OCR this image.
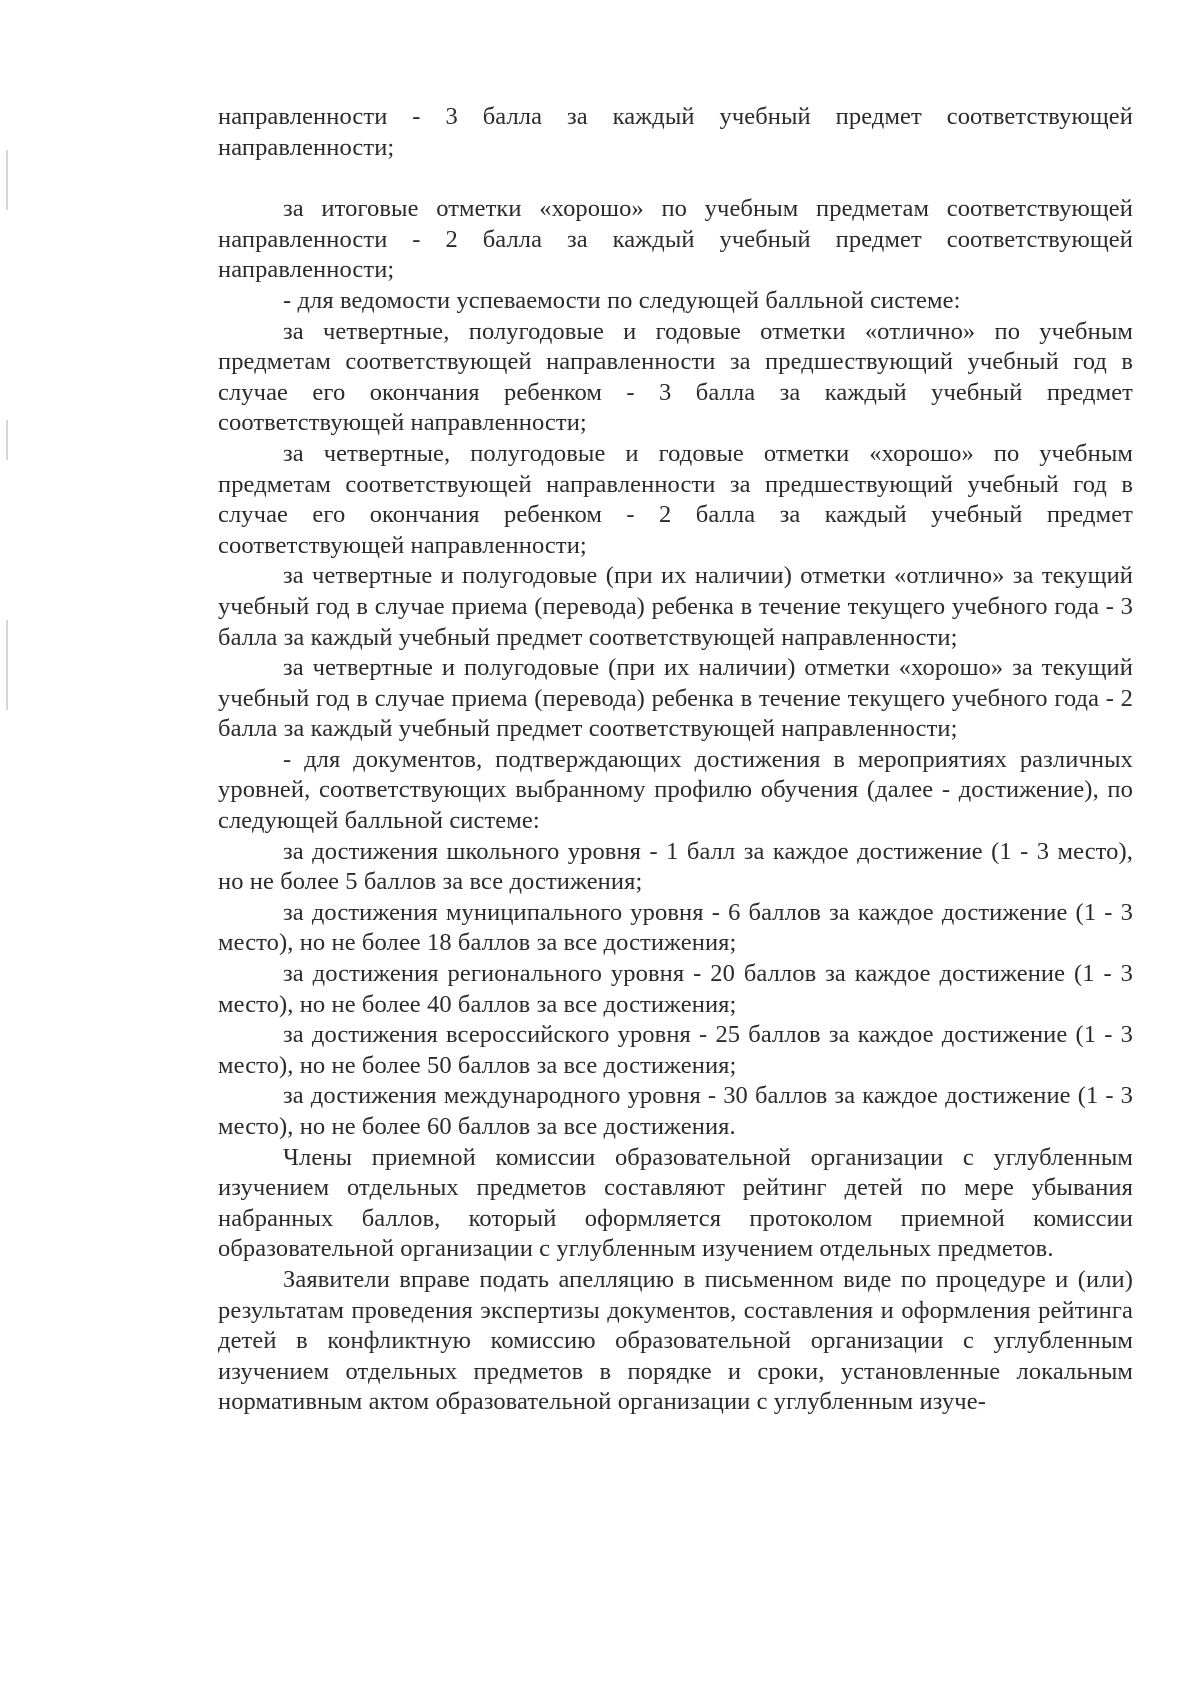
направленности - 3 балла за каждый учебный предмет соответствующей направленности;

за итоговые отметки «хорошо» по учебным предметам соответствующей направленности - 2 балла за каждый учебный предмет соответствующей направленности;

- для ведомости успеваемости по следующей балльной системе:

за четвертные, полугодовые и годовые отметки «отлично» по учебным предметам соответствующей направленности за предшествующий учебный год в случае его окончания ребенком - 3 балла за каждый учебный предмет соответствующей направленности;

за четвертные, полугодовые и годовые отметки «хорошо» по учебным предметам соответствующей направленности за предшествующий учебный год в случае его окончания ребенком - 2 балла за каждый учебный предмет соответствующей направленности;

за четвертные и полугодовые (при их наличии) отметки «отлично» за текущий учебный год в случае приема (перевода) ребенка в течение текущего учебного года - 3 балла за каждый учебный предмет соответствующей направленности;

за четвертные и полугодовые (при их наличии) отметки «хорошо» за текущий учебный год в случае приема (перевода) ребенка в течение текущего учебного года - 2 балла за каждый учебный предмет соответствующей направленности;

- для документов, подтверждающих достижения в мероприятиях различных уровней, соответствующих выбранному профилю обучения (далее - достижение), по следующей балльной системе:

за достижения школьного уровня - 1 балл за каждое достижение (1 - 3 место), но не более 5 баллов за все достижения;

за достижения муниципального уровня - 6 баллов за каждое достижение (1 - 3 место), но не более 18 баллов за все достижения;

за достижения регионального уровня - 20 баллов за каждое достижение (1 - 3 место), но не более 40 баллов за все достижения;

за достижения всероссийского уровня - 25 баллов за каждое достижение (1 - 3 место), но не более 50 баллов за все достижения;

за достижения международного уровня - 30 баллов за каждое достижение (1 - 3 место), но не более 60 баллов за все достижения.

Члены приемной комиссии образовательной организации с углубленным изучением отдельных предметов составляют рейтинг детей по мере убывания набранных баллов, который оформляется протоколом приемной комиссии образовательной организации с углубленным изучением отдельных предметов.

Заявители вправе подать апелляцию в письменном виде по процедуре и (или) результатам проведения экспертизы документов, составления и оформления рейтинга детей в конфликтную комиссию образовательной организации с углубленным изучением отдельных предметов в порядке и сроки, установленные локальным нормативным актом образовательной организации с углубленным изуче-
